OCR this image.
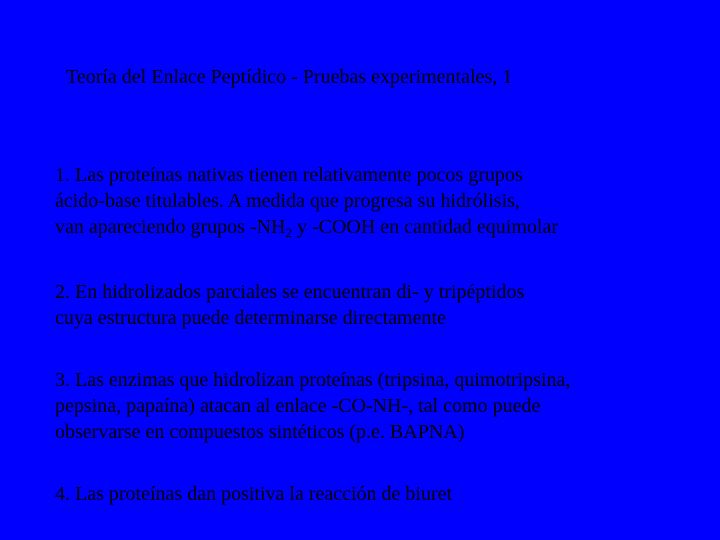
Teoría del Enlace Peptídico - Pruebas experimentales, 1
1. Las proteínas nativas tienen relativamente pocos grupos
ácido-base titulables. A medida que progresa su hidrólisis,
van apareciendo grupos $-NH_2$ y -COOH en cantidad equimolar
2. En hidrolizados parciales se encuentran di- y tripéptidos
cuya estructura puede determinarse directamente
3. Las enzimas que hidrolizan proteínas (tripsina, quimotripsina,
pepsina, papaína) atacan al enlace -CO-NH-, tal como puede
observarse en compuestos sintéticos (p.e. BAPNA)
4. Las proteínas dan positiva la reacción de biuret
